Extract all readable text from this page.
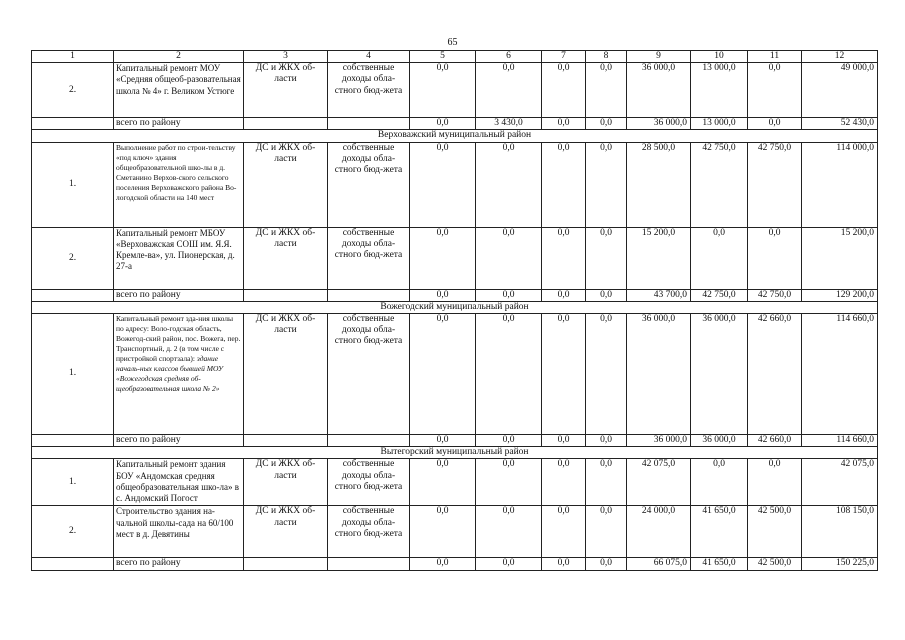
65
1	2	3	4	5	6	7	8	9	10	11	12
2.	Капитальный ремонт МОУ «Средняя общеоб-разовательная школа № 4» г. Великом Устюге	ДС и ЖКХ об-ласти	собственные доходы обла-стного бюд-жета	0,0	0,0	0,0	0,0	36 000,0	13 000,0	0,0	49 000,0
	всего по району			0,0	3 430,0	0,0	0,0	36 000,0	13 000,0	0,0	52 430,0
Верховажский муниципальный район											
1.	Выполнение работ по строи-тельству «под ключ» здания общеобразовательной шко-лы в д. Сметанино Верхов-ского сельского поселения Верховажского района Во-логодской области на 140 мест	ДС и ЖКХ об-ласти	собственные доходы обла-стного бюд-жета	0,0	0,0	0,0	0,0	28 500,0	42 750,0	42 750,0	114 000,0
2.	Капитальный ремонт МБОУ «Верховажская СОШ им. Я.Я. Кремле-ва», ул. Пионерская, д. 27-а	ДС и ЖКХ об-ласти	собственные доходы обла-стного бюд-жета	0,0	0,0	0,0	0,0	15 200,0	0,0	0,0	15 200,0
	всего по району			0,0	0,0	0,0	0,0	43 700,0	42 750,0	42 750,0	129 200,0
Вожегодский муниципальный район											
1.	Капитальный ремонт зда-ния школы по адресу: Воло-годская область, Вожегод-ский район, пос. Вожега, пер. Транспортный, д. 2 (в том числе с пристройкой спортзала): здание началь-ных классов бывшей МОУ «Вожегодская средняя об-щеобразовательная школа № 2»	ДС и ЖКХ об-ласти	собственные доходы обла-стного бюд-жета	0,0	0,0	0,0	0,0	36 000,0	36 000,0	42 660,0	114 660,0
	всего по району			0,0	0,0	0,0	0,0	36 000,0	36 000,0	42 660,0	114 660,0
Вытегорский муниципальный район											
1.	Капитальный ремонт здания БОУ «Андомская средняя общеобразовательная шко-ла» в с. Андомский Погост	ДС и ЖКХ об-ласти	собственные доходы обла-стного бюд-жета	0,0	0,0	0,0	0,0	42 075,0	0,0	0,0	42 075,0
2.	Строительство здания на-чальной школы-сада на 60/100 мест в д. Девятины	ДС и ЖКХ об-ласти	собственные доходы обла-стного бюд-жета	0,0	0,0	0,0	0,0	24 000,0	41 650,0	42 500,0	108 150,0
	всего по району			0,0	0,0	0,0	0,0	66 075,0	41 650,0	42 500,0	150 225,0
